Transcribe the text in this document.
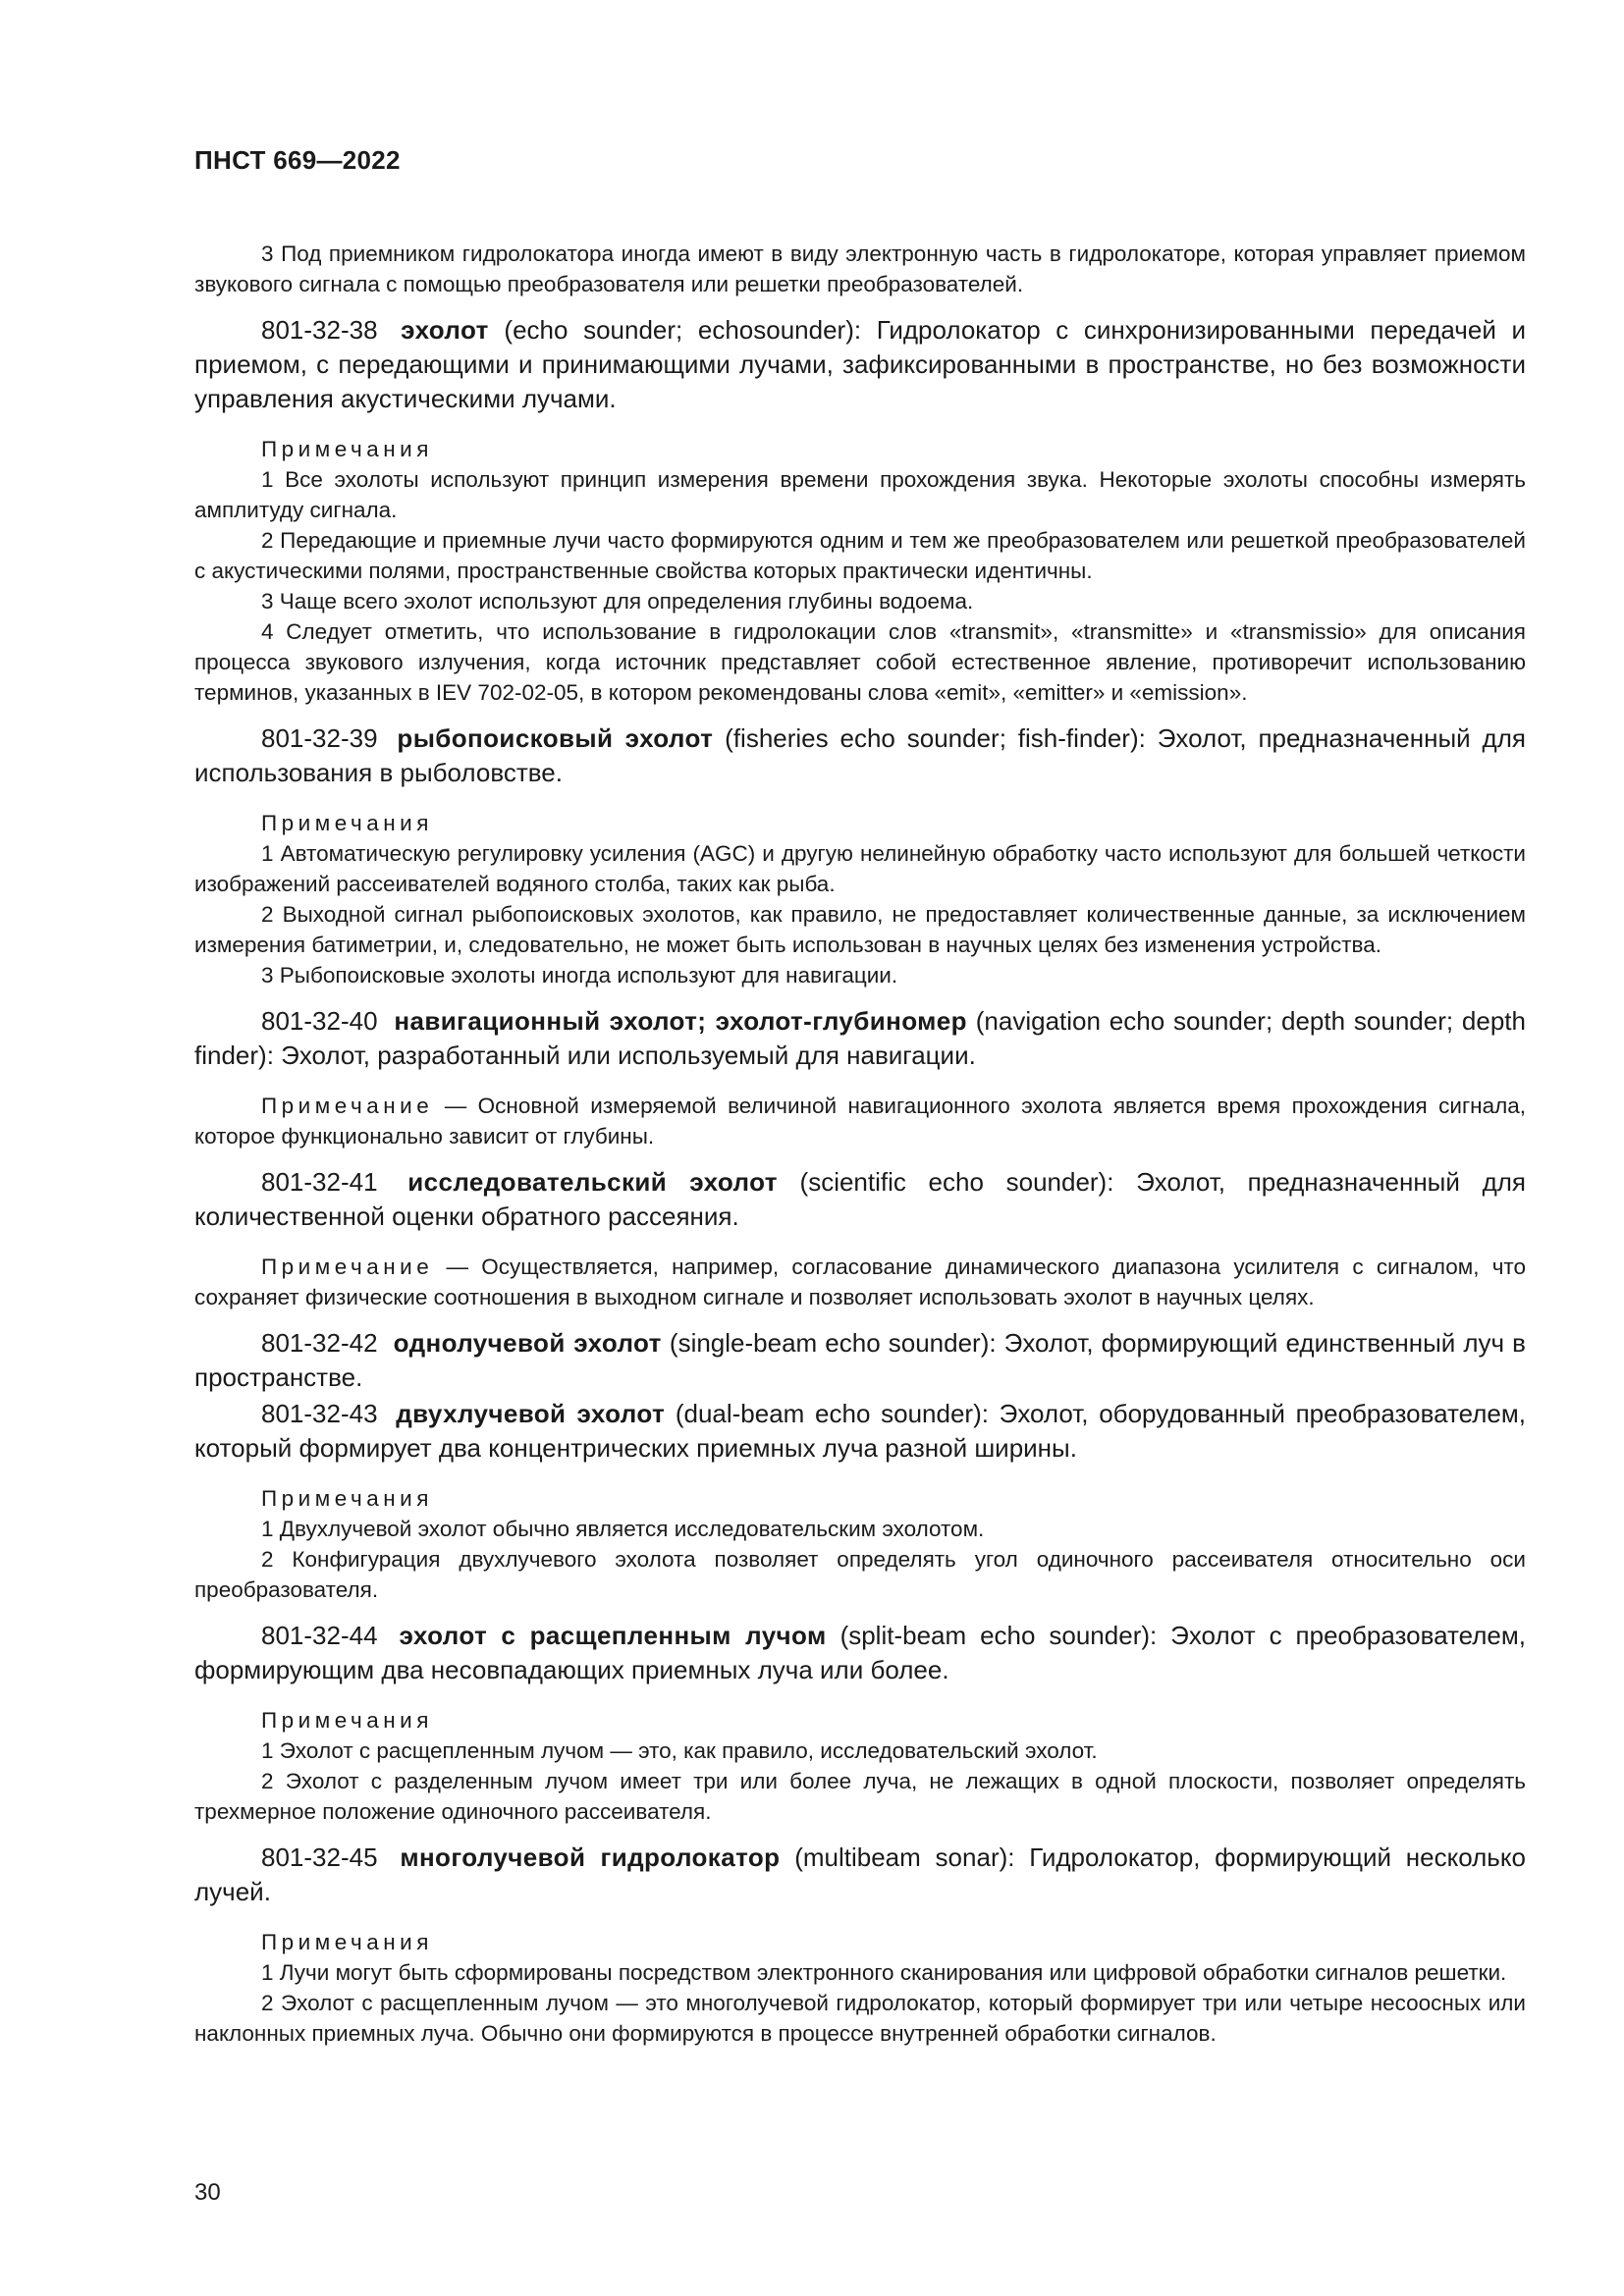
ПНСТ 669—2022

3 Под приемником гидролокатора иногда имеют в виду электронную часть в гидролокаторе, которая управляет приемом звукового сигнала с помощью преобразователя или решетки преобразователей.

801-32-38 эхолот (echo sounder; echosounder): Гидролокатор с синхронизированными передачей и приемом, с передающими и принимающими лучами, зафиксированными в пространстве, но без возможности управления акустическими лучами.

Примечания

1 Все эхолоты используют принцип измерения времени прохождения звука. Некоторые эхолоты способны измерять амплитуду сигнала.

2 Передающие и приемные лучи часто формируются одним и тем же преобразователем или решеткой преобразователей с акустическими полями, пространственные свойства которых практически идентичны.

3 Чаще всего эхолот используют для определения глубины водоема.

4 Следует отметить, что использование в гидролокации слов «transmit», «transmitte» и «transmissio» для описания процесса звукового излучения, когда источник представляет собой естественное явление, противоречит использованию терминов, указанных в IEV 702-02-05, в котором рекомендованы слова «emit», «emitter» и «emission».

801-32-39 рыбопоисковый эхолот (fisheries echo sounder; fish-finder): Эхолот, предназначенный для использования в рыболовстве.

Примечания

1 Автоматическую регулировку усиления (AGC) и другую нелинейную обработку часто используют для большей четкости изображений рассеивателей водяного столба, таких как рыба.

2 Выходной сигнал рыбопоисковых эхолотов, как правило, не предоставляет количественные данные, за исключением измерения батиметрии, и, следовательно, не может быть использован в научных целях без изменения устройства.

3 Рыбопоисковые эхолоты иногда используют для навигации.

801-32-40 навигационный эхолот; эхолот-глубиномер (navigation echo sounder; depth sounder; depth finder): Эхолот, разработанный или используемый для навигации.

Примечание — Основной измеряемой величиной навигационного эхолота является время прохождения сигнала, которое функционально зависит от глубины.

801-32-41 исследовательский эхолот (scientific echo sounder): Эхолот, предназначенный для количественной оценки обратного рассеяния.

Примечание — Осуществляется, например, согласование динамического диапазона усилителя с сигналом, что сохраняет физические соотношения в выходном сигнале и позволяет использовать эхолот в научных целях.

801-32-42 однолучевой эхолот (single-beam echo sounder): Эхолот, формирующий единственный луч в пространстве.

801-32-43 двухлучевой эхолот (dual-beam echo sounder): Эхолот, оборудованный преобразователем, который формирует два концентрических приемных луча разной ширины.

Примечания

1 Двухлучевой эхолот обычно является исследовательским эхолотом.

2 Конфигурация двухлучевого эхолота позволяет определять угол одиночного рассеивателя относительно оси преобразователя.

801-32-44 эхолот с расщепленным лучом (split-beam echo sounder): Эхолот с преобразователем, формирующим два несовпадающих приемных луча или более.

Примечания

1 Эхолот с расщепленным лучом — это, как правило, исследовательский эхолот.

2 Эхолот с разделенным лучом имеет три или более луча, не лежащих в одной плоскости, позволяет определять трехмерное положение одиночного рассеивателя.

801-32-45 многолучевой гидролокатор (multibeam sonar): Гидролокатор, формирующий несколько лучей.

Примечания

1 Лучи могут быть сформированы посредством электронного сканирования или цифровой обработки сигналов решетки.

2 Эхолот с расщепленным лучом — это многолучевой гидролокатор, который формирует три или четыре несоосных или наклонных приемных луча. Обычно они формируются в процессе внутренней обработки сигналов.

30
